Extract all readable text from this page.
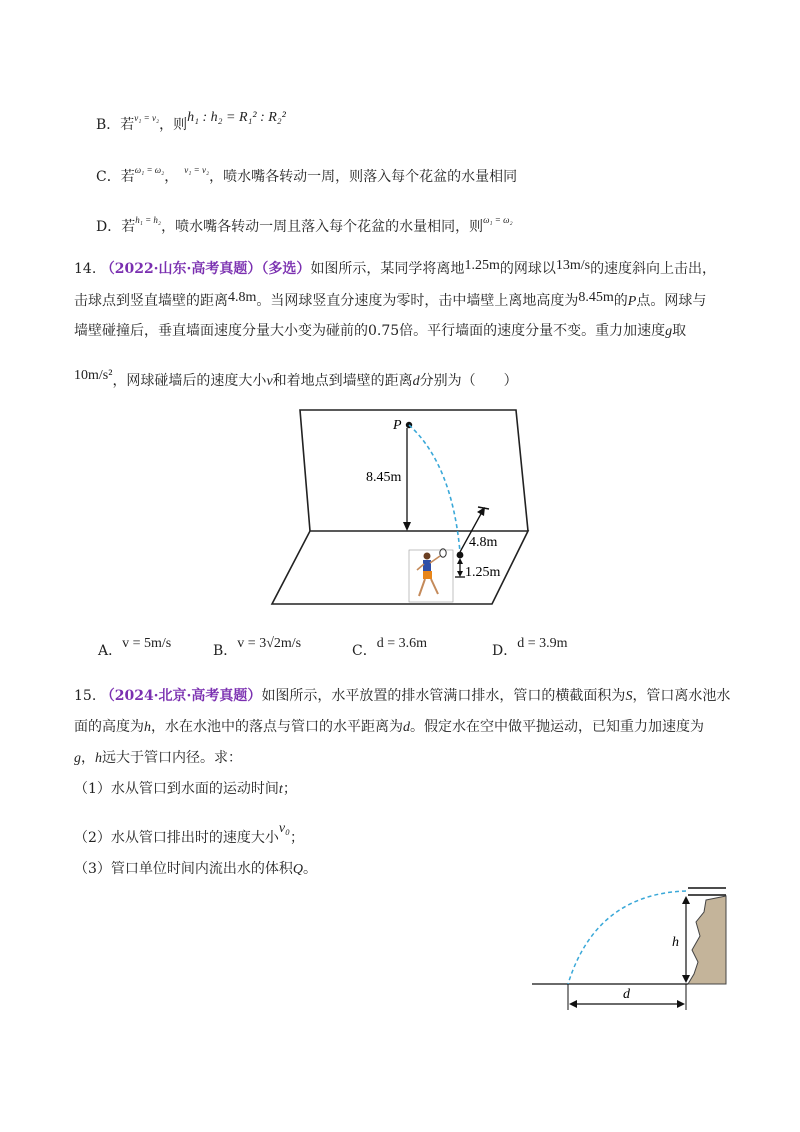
B．若$^{v_1 = v_2}$，则h₁ : h₂ = R₁² : R₂²
C．若$^{\omega_1 = \omega_2}$， $^{v_1 = v_2}$，喷水嘴各转动一周，则落入每个花盆的水量相同
D．若$^{h_1 = h_2}$，喷水嘴各转动一周且落入每个花盆的水量相同，则$^{\omega_1 = \omega_2}$
14. （2022·山东·高考真题）（多选）如图所示，某同学将离地1.25m的网球以13m/s的速度斜向上击出，
击球点到竖直墙壁的距离4.8m。当网球竖直分速度为零时，击中墙壁上离地高度为8.45m的P点。网球与
墙壁碰撞后，垂直墙面速度分量大小变为碰前的0.75倍。平行墙面的速度分量不变。重力加速度g取
10m/s²，网球碰墙后的速度大小v和着地点到墙壁的距离d分别为（　　）
P
8.45m
4.8m
1.25m
A．v = 5m/s	B．v = 3√2m/s	C．d = 3.6m	D．d = 3.9m
15. （2024·北京·高考真题）如图所示，水平放置的排水管满口排水，管口的横截面积为S，管口离水池水
面的高度为h，水在水池中的落点与管口的水平距离为d。假定水在空中做平抛运动，已知重力加速度为
g，h远大于管口内径。求：
（1）水从管口到水面的运动时间t；
（2）水从管口排出时的速度大小v₀；
（3）管口单位时间内流出水的体积Q。
h
d
